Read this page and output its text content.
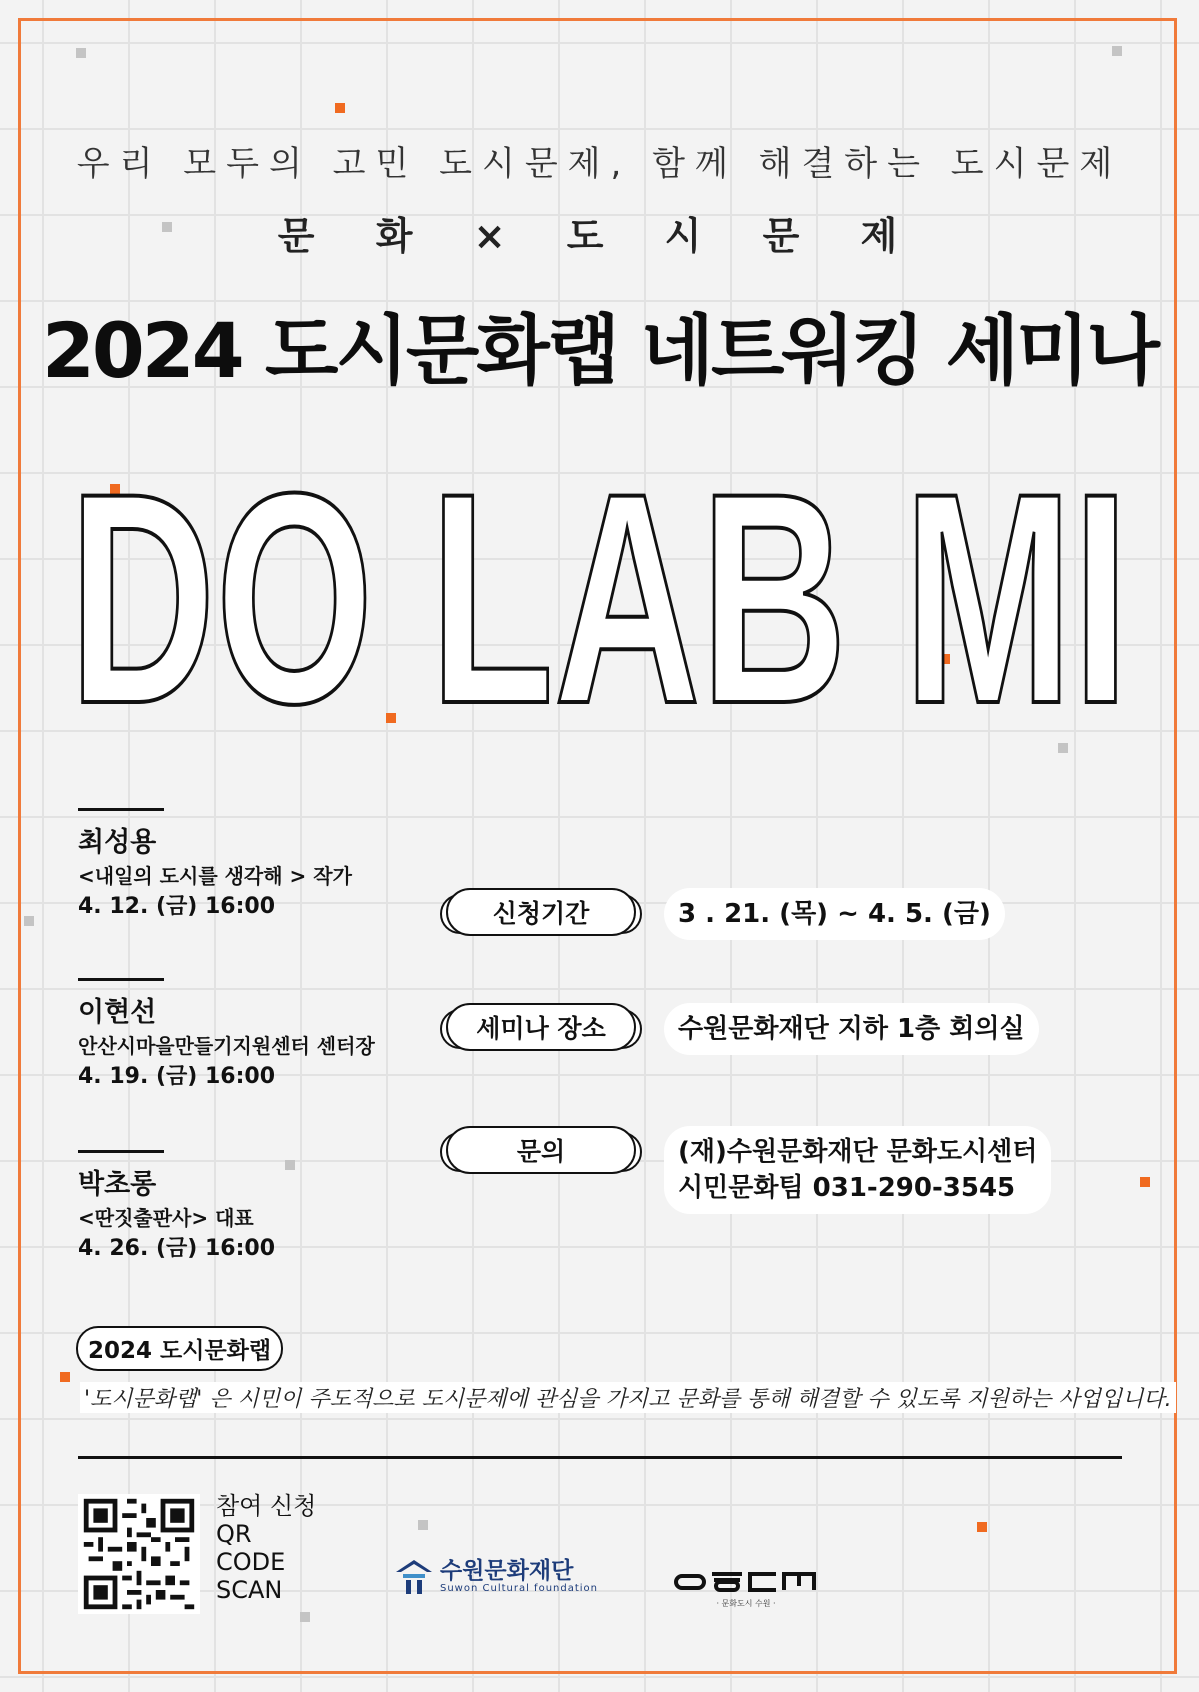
우리 모두의 고민 도시문제, 함께 해결하는 도시문제
문 화 × 도 시 문 제
2024 도시문화랩 네트워킹 세미나
DO LAB MI
최성용
<내일의 도시를 생각해 > 작가
4. 12. (금) 16:00
이현선
안산시마을만들기지원센터 센터장
4. 19. (금) 16:00
박초롱
<딴짓출판사> 대표
4. 26. (금) 16:00
신청기간	3 . 21. (목) ~ 4. 5. (금)
세미나 장소	수원문화재단 지하 1층 회의실
문의	(재)수원문화재단 문화도시센터
시민문화팀 031-290-3545
2024 도시문화랩
'도시문화랩' 은 시민이 주도적으로 도시문제에 관심을 가지고 문화를 통해 해결할 수 있도록 지원하는 사업입니다.
참여 신청
QR
CODE
SCAN
수원문화재단
Suwon Cultural foundation
· 문화도시 수원 ·
